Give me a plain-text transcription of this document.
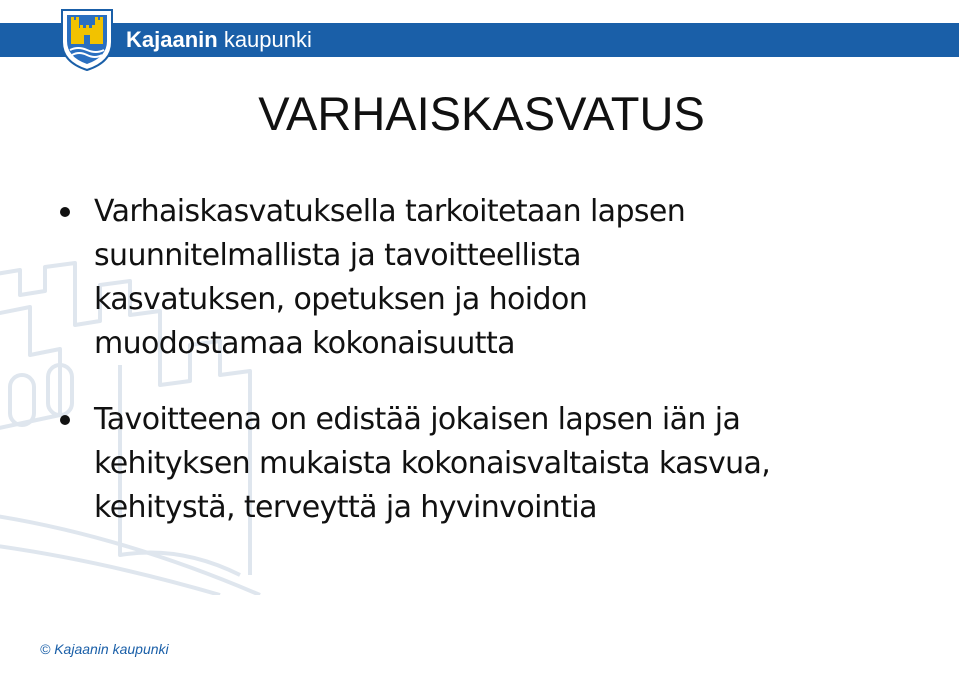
Kajaanin kaupunki
VARHAISKASVATUS
Varhaiskasvatuksella tarkoitetaan lapsen
suunnitelmallista ja tavoitteellista
kasvatuksen, opetuksen ja hoidon
muodostamaa kokonaisuutta
Tavoitteena on edistää jokaisen lapsen iän ja
kehityksen mukaista kokonaisvaltaista kasvua,
kehitystä, terveyttä ja hyvinvointia
© Kajaanin kaupunki
